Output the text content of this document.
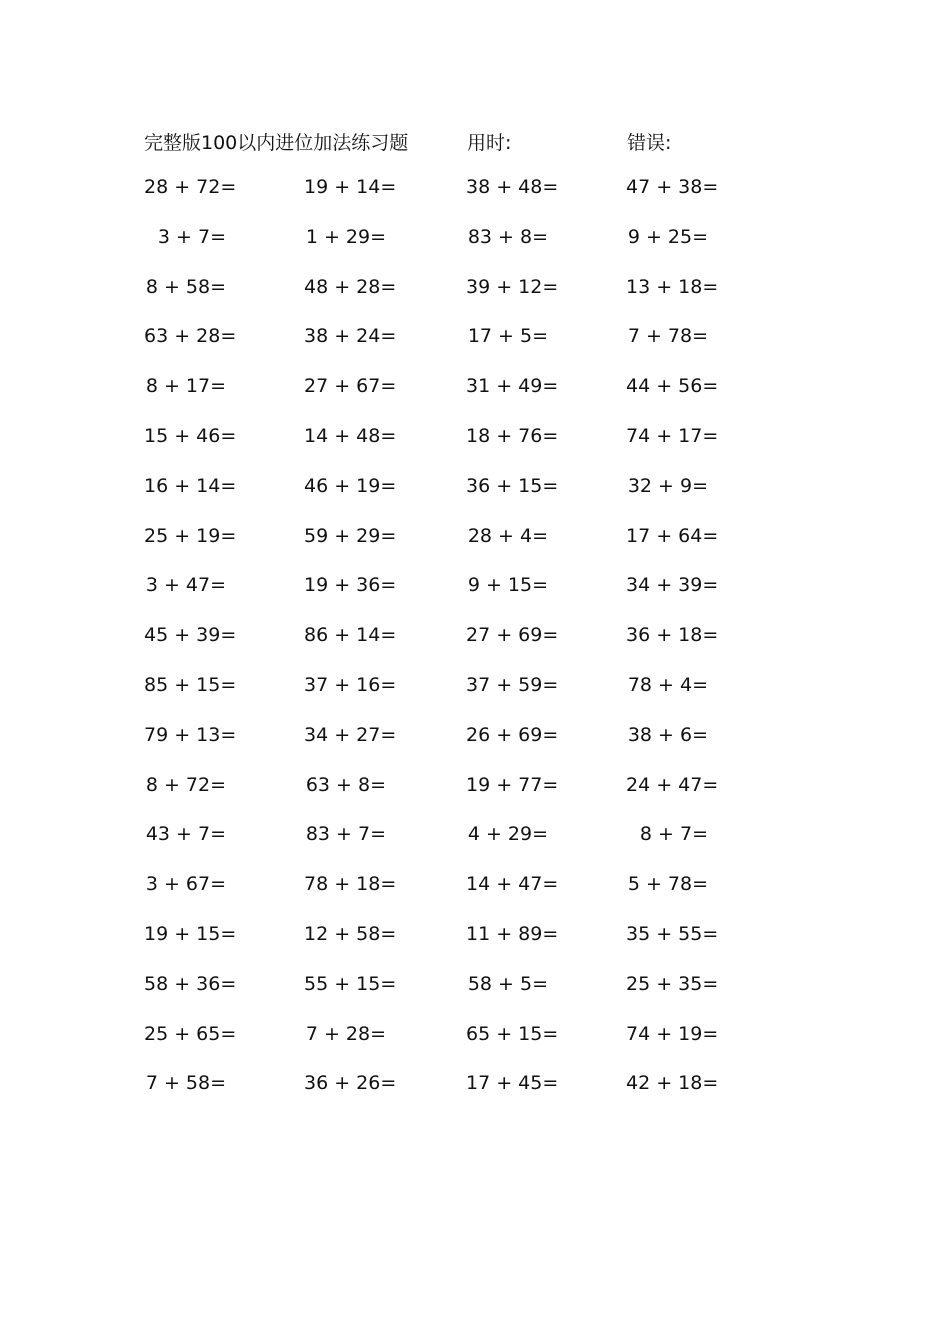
完整版100以内进位加法练习题	用时:	错误:
28 + 72=	19 + 14=	38 + 48=	47 + 38=
3 + 7=	1 + 29=	83 + 8=	9 + 25=
8 + 58=	48 + 28=	39 + 12=	13 + 18=
63 + 28=	38 + 24=	17 + 5=	7 + 78=
8 + 17=	27 + 67=	31 + 49=	44 + 56=
15 + 46=	14 + 48=	18 + 76=	74 + 17=
16 + 14=	46 + 19=	36 + 15=	32 + 9=
25 + 19=	59 + 29=	28 + 4=	17 + 64=
3 + 47=	19 + 36=	9 + 15=	34 + 39=
45 + 39=	86 + 14=	27 + 69=	36 + 18=
85 + 15=	37 + 16=	37 + 59=	78 + 4=
79 + 13=	34 + 27=	26 + 69=	38 + 6=
8 + 72=	63 + 8=	19 + 77=	24 + 47=
43 + 7=	83 + 7=	4 + 29=	8 + 7=
3 + 67=	78 + 18=	14 + 47=	5 + 78=
19 + 15=	12 + 58=	11 + 89=	35 + 55=
58 + 36=	55 + 15=	58 + 5=	25 + 35=
25 + 65=	7 + 28=	65 + 15=	74 + 19=
7 + 58=	36 + 26=	17 + 45=	42 + 18=
